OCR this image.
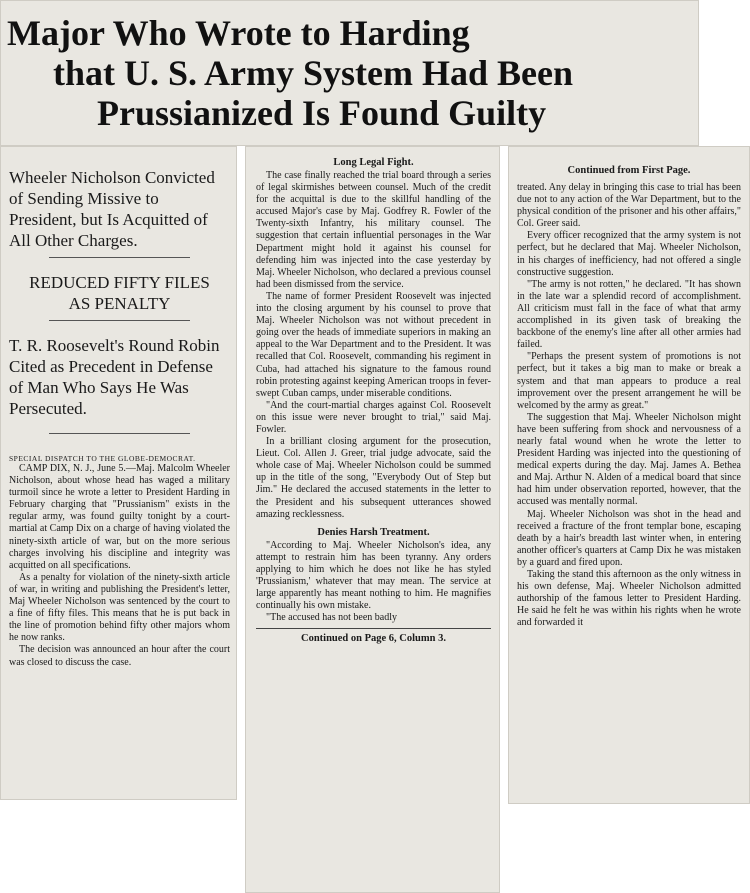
Major Who Wrote to Harding

that U. S. Army System Had Been

Prussianized Is Found Guilty

Wheeler Nicholson Convicted of Sending Missive to President, but Is Acquitted of All Other Charges.

REDUCED FIFTY FILES AS PENALTY

T. R. Roosevelt's Round Robin Cited as Precedent in Defense of Man Who Says He Was Persecuted.

SPECIAL DISPATCH TO THE GLOBE-DEMOCRAT.

CAMP DIX, N. J., June 5.—Maj. Malcolm Wheeler Nicholson, about whose head has waged a military turmoil since he wrote a letter to President Harding in February charging that "Prussianism" exists in the regular army, was found guilty tonight by a court-martial at Camp Dix on a charge of having violated the ninety-sixth article of war, but on the more serious charges involving his discipline and integrity was acquitted on all specifications.

As a penalty for violation of the ninety-sixth article of war, in writing and publishing the President's letter, Maj Wheeler Nicholson was sentenced by the court to a fine of fifty files. This means that he is put back in the line of promotion behind fifty other majors whom he now ranks.

The decision was announced an hour after the court was closed to discuss the case.

Long Legal Fight.

The case finally reached the trial board through a series of legal skirmishes between counsel. Much of the credit for the acquittal is due to the skillful handling of the accused Major's case by Maj. Godfrey R. Fowler of the Twenty-sixth Infantry, his military counsel. The suggestion that certain influential personages in the War Department might hold it against his counsel for defending him was injected into the case yesterday by Maj. Wheeler Nicholson, who declared a previous counsel had been dismissed from the service.

The name of former President Roosevelt was injected into the closing argument by his counsel to prove that Maj. Wheeler Nicholson was not without precedent in going over the heads of immediate superiors in making an appeal to the War Department and to the President. It was recalled that Col. Roosevelt, commanding his regiment in Cuba, had attached his signature to the famous round robin protesting against keeping American troops in fever-swept Cuban camps, under miserable conditions.

"And the court-martial charges against Col. Roosevelt on this issue were never brought to trial," said Maj. Fowler.

In a brilliant closing argument for the prosecution, Lieut. Col. Allen J. Greer, trial judge advocate, said the whole case of Maj. Wheeler Nicholson could be summed up in the title of the song, "Everybody Out of Step but Jim." He declared the accused statements in the letter to the President and his subsequent utterances showed amazing recklessness.

Denies Harsh Treatment.

"According to Maj. Wheeler Nicholson's idea, any attempt to restrain him has been tyranny. Any orders applying to him which he does not like he has styled 'Prussianism,' whatever that may mean. The service at large apparently has meant nothing to him. He magnifies continually his own mistake.

"The accused has not been badly

Continued on Page 6, Column 3.

Continued from First Page.

treated. Any delay in bringing this case to trial has been due not to any action of the War Department, but to the physical condition of the prisoner and his other affairs," Col. Greer said.

Every officer recognized that the army system is not perfect, but he declared that Maj. Wheeler Nicholson, in his charges of inefficiency, had not offered a single constructive suggestion.

"The army is not rotten," he declared. "It has shown in the late war a splendid record of accomplishment. All criticism must fall in the face of what that army accomplished in its given task of breaking the backbone of the enemy's line after all other armies had failed.

"Perhaps the present system of promotions is not perfect, but it takes a big man to make or break a system and that man appears to produce a real improvement over the present arrangement he will be welcomed by the army as great."

The suggestion that Maj. Wheeler Nicholson might have been suffering from shock and nervousness of a nearly fatal wound when he wrote the letter to President Harding was injected into the questioning of medical experts during the day. Maj. James A. Bethea and Maj. Arthur N. Alden of a medical board that since had him under observation reported, however, that the accused was mentally normal.

Maj. Wheeler Nicholson was shot in the head and received a fracture of the front templar bone, escaping death by a hair's breadth last winter when, in entering another officer's quarters at Camp Dix he was mistaken by a guard and fired upon.

Taking the stand this afternoon as the only witness in his own defense, Maj. Wheeler Nicholson admitted authorship of the famous letter to President Harding. He said he felt he was within his rights when he wrote and forwarded it
